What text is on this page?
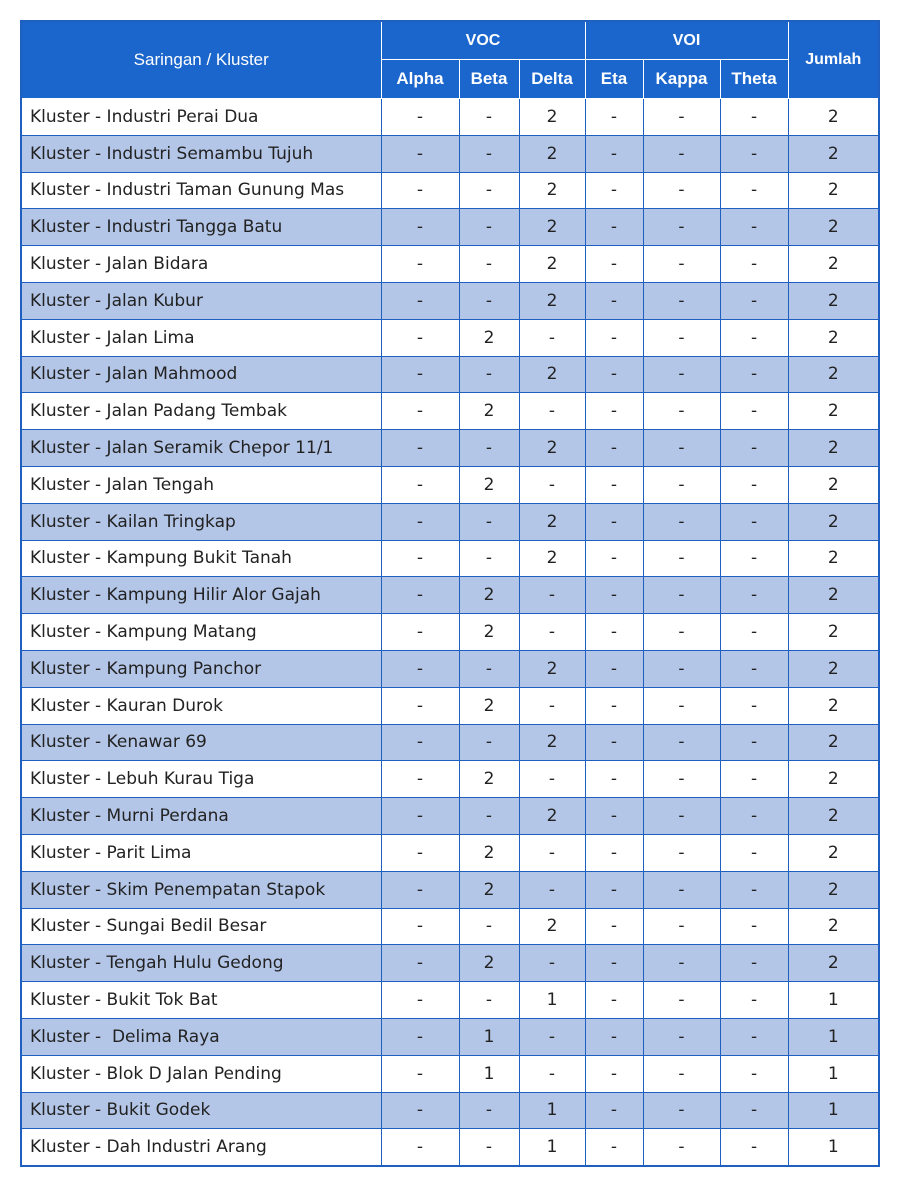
Saringan / Kluster	VOC			VOI			Jumlah
	Alpha	Beta	Delta	Eta	Kappa	Theta	
Kluster - Industri Perai Dua	-	-	2	-	-	-	2
Kluster - Industri Semambu Tujuh	-	-	2	-	-	-	2
Kluster - Industri Taman Gunung Mas	-	-	2	-	-	-	2
Kluster - Industri Tangga Batu	-	-	2	-	-	-	2
Kluster - Jalan Bidara	-	-	2	-	-	-	2
Kluster - Jalan Kubur	-	-	2	-	-	-	2
Kluster - Jalan Lima	-	2	-	-	-	-	2
Kluster - Jalan Mahmood	-	-	2	-	-	-	2
Kluster - Jalan Padang Tembak	-	2	-	-	-	-	2
Kluster - Jalan Seramik Chepor 11/1	-	-	2	-	-	-	2
Kluster - Jalan Tengah	-	2	-	-	-	-	2
Kluster - Kailan Tringkap	-	-	2	-	-	-	2
Kluster - Kampung Bukit Tanah	-	-	2	-	-	-	2
Kluster - Kampung Hilir Alor Gajah	-	2	-	-	-	-	2
Kluster - Kampung Matang	-	2	-	-	-	-	2
Kluster - Kampung Panchor	-	-	2	-	-	-	2
Kluster - Kauran Durok	-	2	-	-	-	-	2
Kluster - Kenawar 69	-	-	2	-	-	-	2
Kluster - Lebuh Kurau Tiga	-	2	-	-	-	-	2
Kluster - Murni Perdana	-	-	2	-	-	-	2
Kluster - Parit Lima	-	2	-	-	-	-	2
Kluster - Skim Penempatan Stapok	-	2	-	-	-	-	2
Kluster - Sungai Bedil Besar	-	-	2	-	-	-	2
Kluster - Tengah Hulu Gedong	-	2	-	-	-	-	2
Kluster - Bukit Tok Bat	-	-	1	-	-	-	1
Kluster -  Delima Raya	-	1	-	-	-	-	1
Kluster - Blok D Jalan Pending	-	1	-	-	-	-	1
Kluster - Bukit Godek	-	-	1	-	-	-	1
Kluster - Dah Industri Arang	-	-	1	-	-	-	1
